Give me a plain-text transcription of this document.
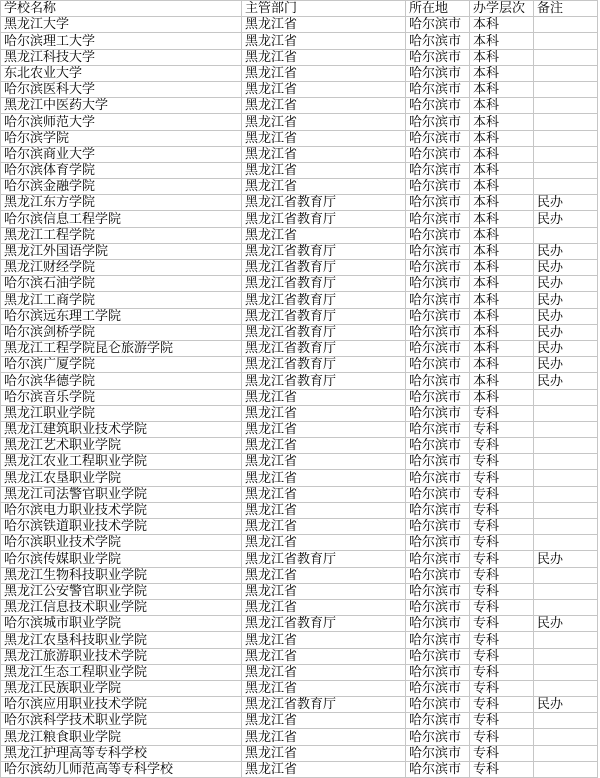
学校名称	主管部门	所在地	办学层次	备注
黑龙江大学	黑龙江省	哈尔滨市	本科	
哈尔滨理工大学	黑龙江省	哈尔滨市	本科	
黑龙江科技大学	黑龙江省	哈尔滨市	本科	
东北农业大学	黑龙江省	哈尔滨市	本科	
哈尔滨医科大学	黑龙江省	哈尔滨市	本科	
黑龙江中医药大学	黑龙江省	哈尔滨市	本科	
哈尔滨师范大学	黑龙江省	哈尔滨市	本科	
哈尔滨学院	黑龙江省	哈尔滨市	本科	
哈尔滨商业大学	黑龙江省	哈尔滨市	本科	
哈尔滨体育学院	黑龙江省	哈尔滨市	本科	
哈尔滨金融学院	黑龙江省	哈尔滨市	本科	
黑龙江东方学院	黑龙江省教育厅	哈尔滨市	本科	民办
哈尔滨信息工程学院	黑龙江省教育厅	哈尔滨市	本科	民办
黑龙江工程学院	黑龙江省	哈尔滨市	本科	
黑龙江外国语学院	黑龙江省教育厅	哈尔滨市	本科	民办
黑龙江财经学院	黑龙江省教育厅	哈尔滨市	本科	民办
哈尔滨石油学院	黑龙江省教育厅	哈尔滨市	本科	民办
黑龙江工商学院	黑龙江省教育厅	哈尔滨市	本科	民办
哈尔滨远东理工学院	黑龙江省教育厅	哈尔滨市	本科	民办
哈尔滨剑桥学院	黑龙江省教育厅	哈尔滨市	本科	民办
黑龙江工程学院昆仑旅游学院	黑龙江省教育厅	哈尔滨市	本科	民办
哈尔滨广厦学院	黑龙江省教育厅	哈尔滨市	本科	民办
哈尔滨华德学院	黑龙江省教育厅	哈尔滨市	本科	民办
哈尔滨音乐学院	黑龙江省	哈尔滨市	本科	
黑龙江职业学院	黑龙江省	哈尔滨市	专科	
黑龙江建筑职业技术学院	黑龙江省	哈尔滨市	专科	
黑龙江艺术职业学院	黑龙江省	哈尔滨市	专科	
黑龙江农业工程职业学院	黑龙江省	哈尔滨市	专科	
黑龙江农垦职业学院	黑龙江省	哈尔滨市	专科	
黑龙江司法警官职业学院	黑龙江省	哈尔滨市	专科	
哈尔滨电力职业技术学院	黑龙江省	哈尔滨市	专科	
哈尔滨铁道职业技术学院	黑龙江省	哈尔滨市	专科	
哈尔滨职业技术学院	黑龙江省	哈尔滨市	专科	
哈尔滨传媒职业学院	黑龙江省教育厅	哈尔滨市	专科	民办
黑龙江生物科技职业学院	黑龙江省	哈尔滨市	专科	
黑龙江公安警官职业学院	黑龙江省	哈尔滨市	专科	
黑龙江信息技术职业学院	黑龙江省	哈尔滨市	专科	
哈尔滨城市职业学院	黑龙江省教育厅	哈尔滨市	专科	民办
黑龙江农垦科技职业学院	黑龙江省	哈尔滨市	专科	
黑龙江旅游职业技术学院	黑龙江省	哈尔滨市	专科	
黑龙江生态工程职业学院	黑龙江省	哈尔滨市	专科	
黑龙江民族职业学院	黑龙江省	哈尔滨市	专科	
哈尔滨应用职业技术学院	黑龙江省教育厅	哈尔滨市	专科	民办
哈尔滨科学技术职业学院	黑龙江省	哈尔滨市	专科	
黑龙江粮食职业学院	黑龙江省	哈尔滨市	专科	
黑龙江护理高等专科学校	黑龙江省	哈尔滨市	专科	
哈尔滨幼儿师范高等专科学校	黑龙江省	哈尔滨市	专科	
